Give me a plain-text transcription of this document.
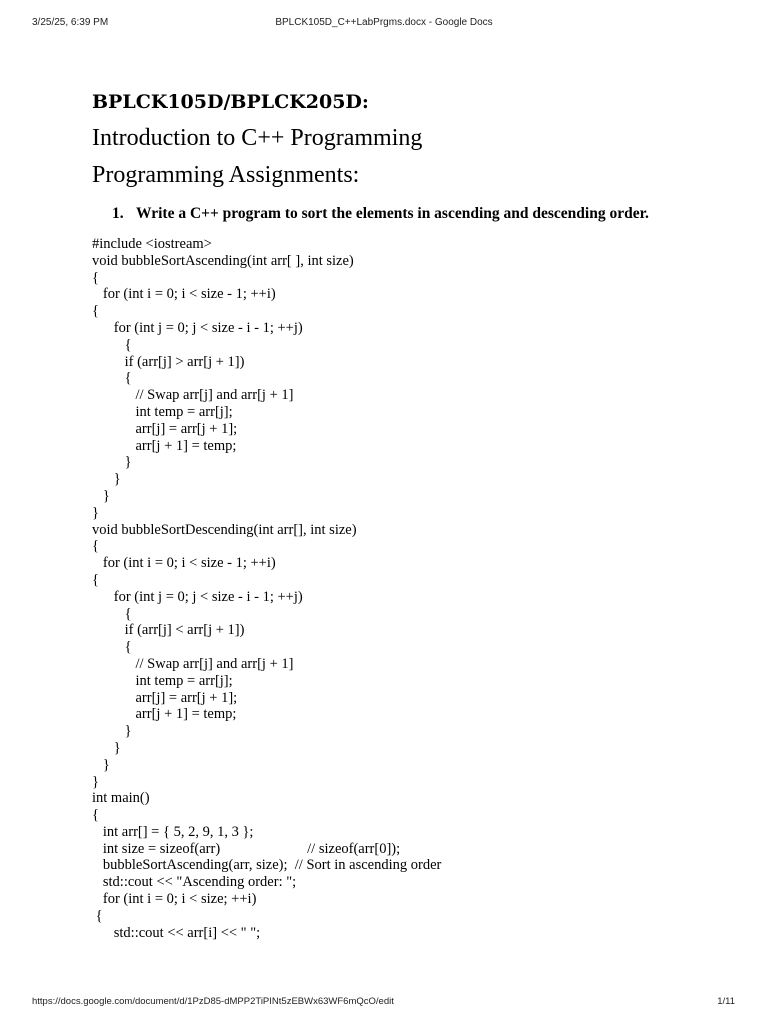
3/25/25, 6:39 PM	BPLCK105D_C++LabPrgms.docx - Google Docs
BPLCK105D/BPLCK205D:
Introduction to C++ Programming
Programming Assignments:
1. Write a C++ program to sort the elements in ascending and descending order.
#include <iostream>
void bubbleSortAscending(int arr[ ], int size)
{
for (int i = 0; i < size - 1; ++i)
{
for (int j = 0; j < size - i - 1; ++j)
{
if (arr[j] > arr[j + 1])
{
// Swap arr[j] and arr[j + 1]
int temp = arr[j];
arr[j] = arr[j + 1];
arr[j + 1] = temp;
}
}
}
}
void bubbleSortDescending(int arr[], int size)
{
for (int i = 0; i < size - 1; ++i)
{
for (int j = 0; j < size - i - 1; ++j)
{
if (arr[j] < arr[j + 1])
{
// Swap arr[j] and arr[j + 1]
int temp = arr[j];
arr[j] = arr[j + 1];
arr[j + 1] = temp;
}
}
}
}
int main()
{
int arr[] = { 5, 2, 9, 1, 3 };
int size = sizeof(arr)                        // sizeof(arr[0]);
bubbleSortAscending(arr, size);  // Sort in ascending order
std::cout << "Ascending order: ";
for (int i = 0; i < size; ++i)
{
std::cout << arr[i] << " ";
https://docs.google.com/document/d/1PzD85-dMPP2TiPINt5zEBWx63WF6mQcO/edit	1/11
